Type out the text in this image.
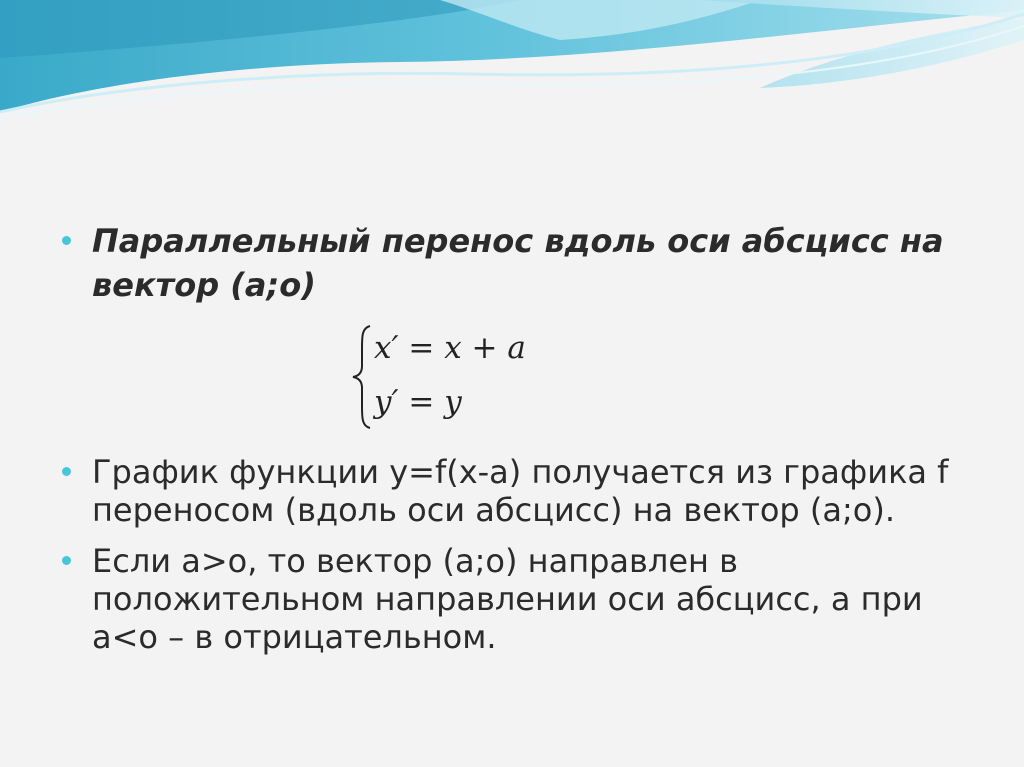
Параллельный перенос вдоль оси абсцисс на
вектор (а;о)
x′ = x + a
y′ = y
График функции y=f(x-a) получается из графика f
переносом (вдоль оси абсцисс) на вектор (а;о).
Если а>о, то вектор (а;о) направлен в
положительном направлении оси абсцисс, а при
а<о – в отрицательном.
